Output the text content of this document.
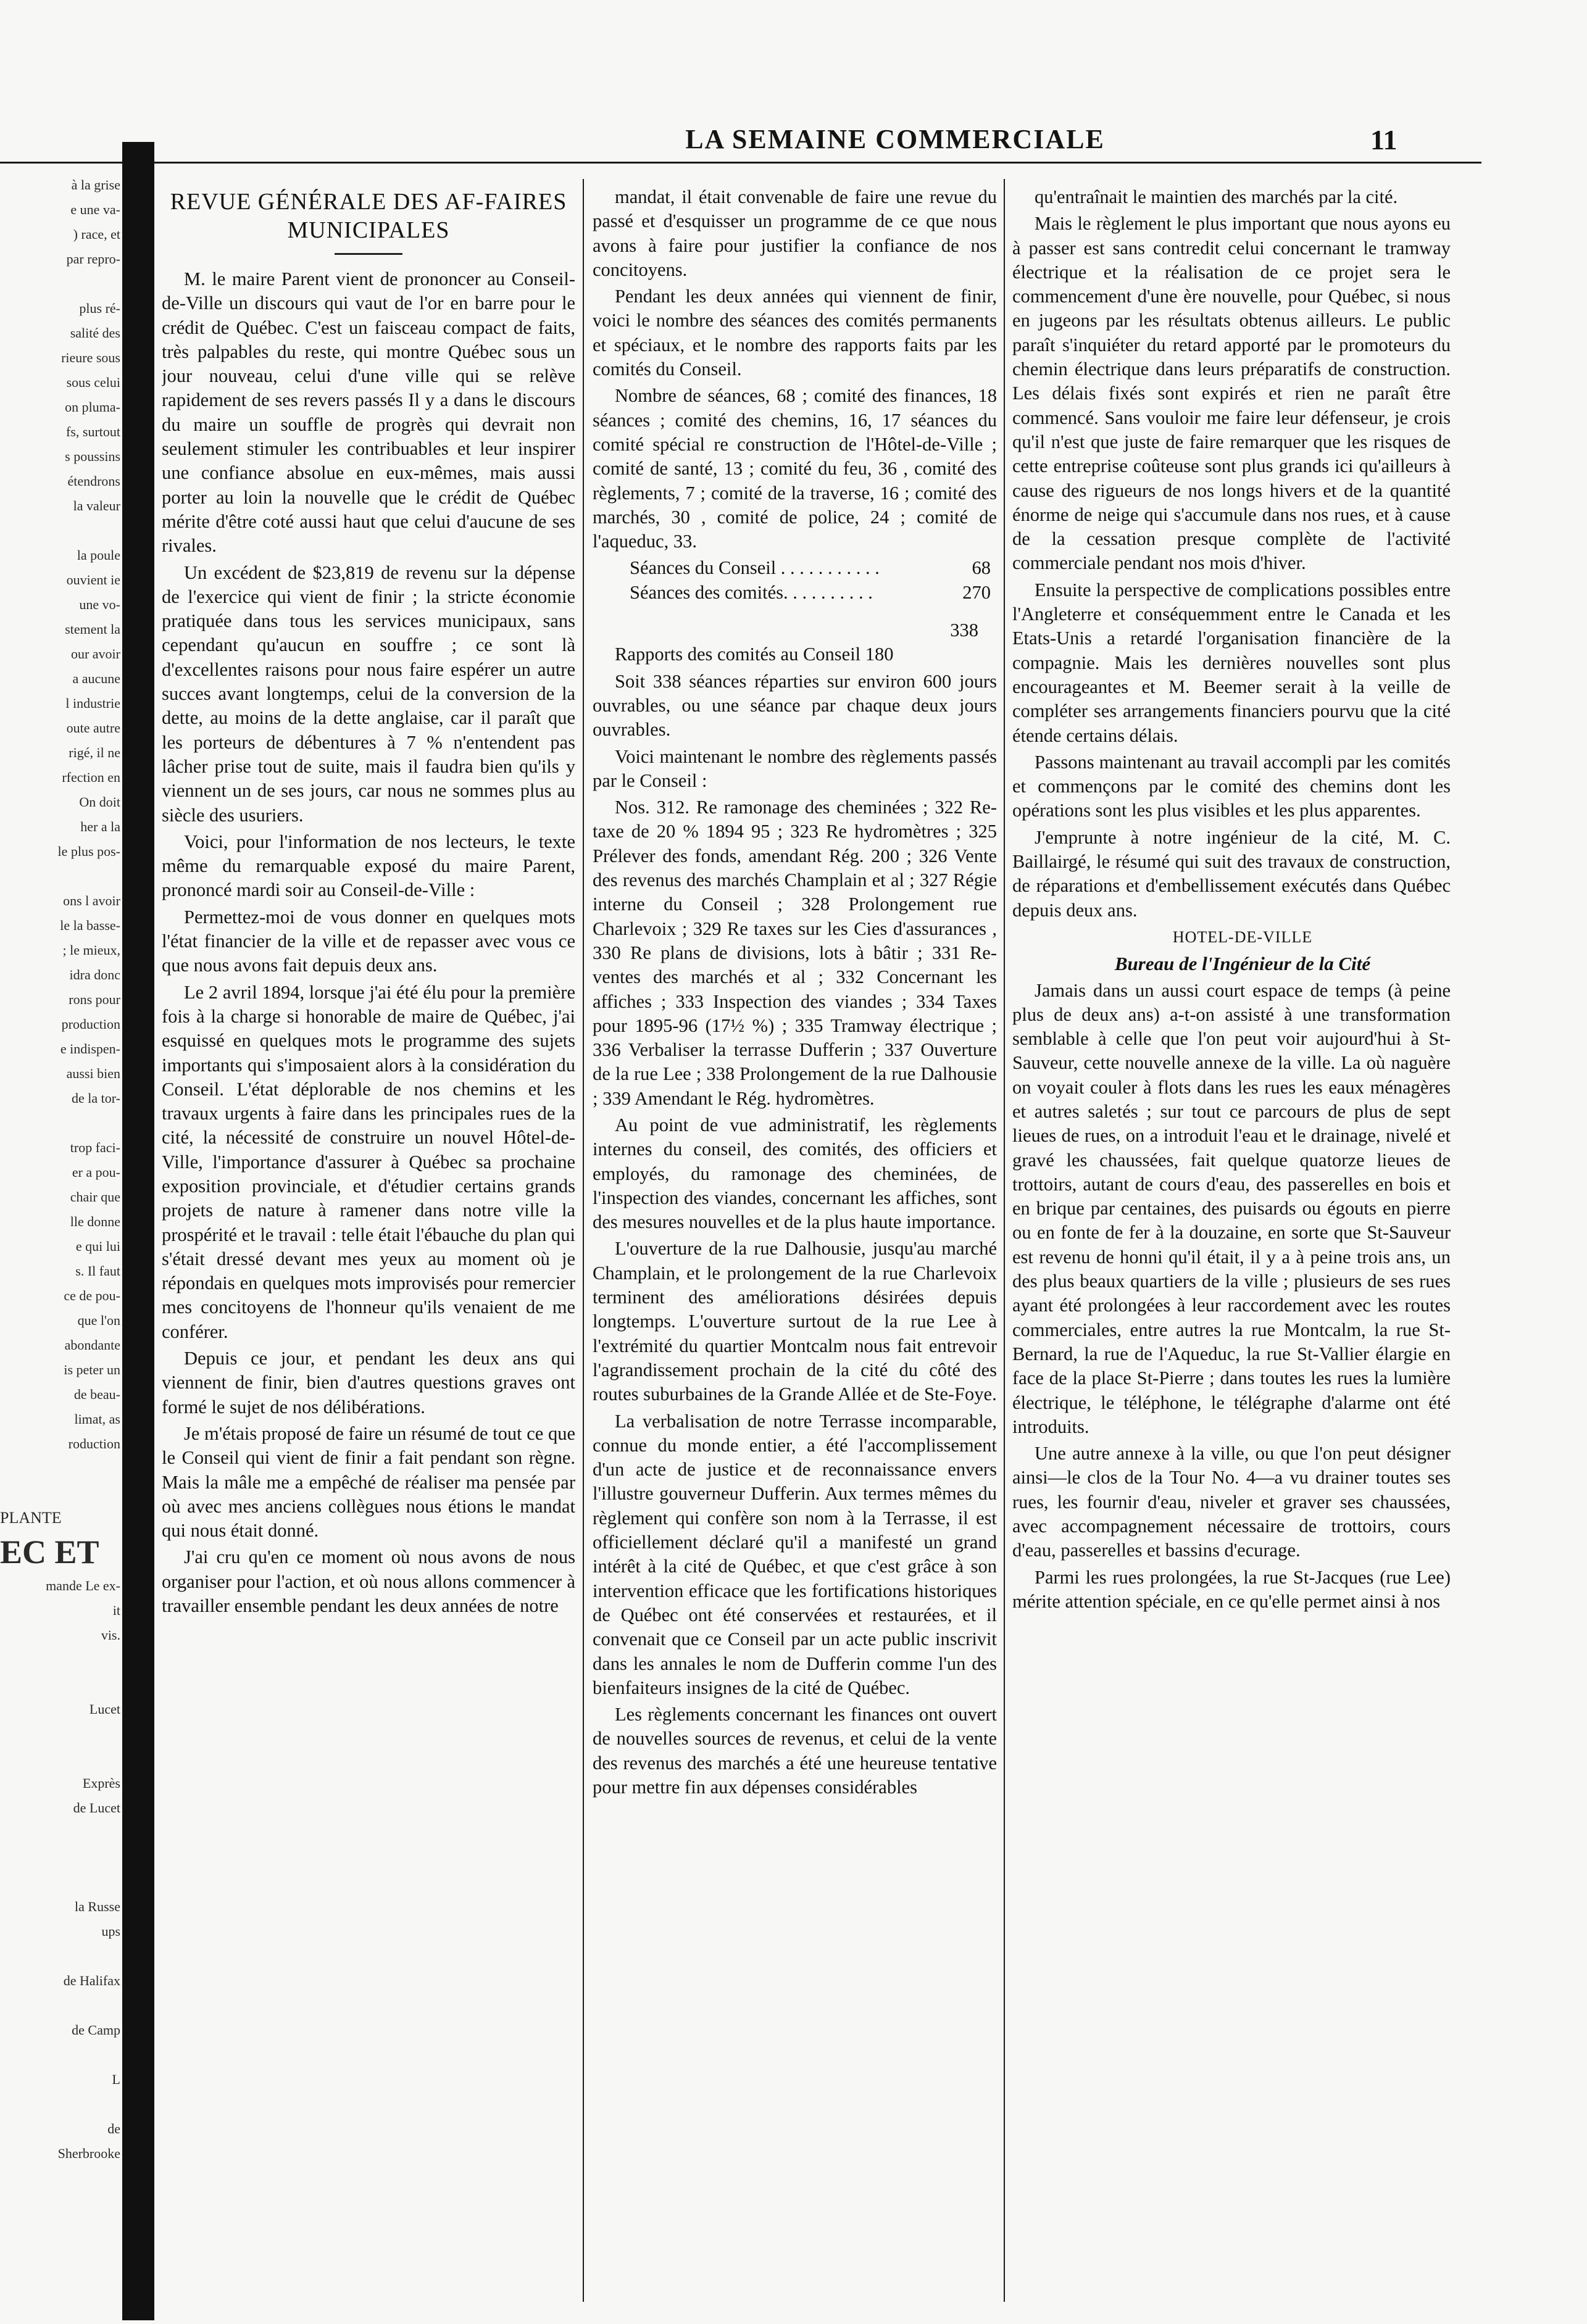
LA SEMAINE COMMERCIALE	11
à la grise
e une va-
) race, et
par repro-

plus ré-
salité des
rieure sous
sous celui
on pluma-
fs, surtout
s poussins
étendrons
la valeur

la poule
ouvient ie
une vo-
stement la
our avoir
a aucune
l industrie
oute autre
rigé, il ne
rfection en
On doit
her a la
le plus pos-

ons l avoir
le la basse-
; le mieux,
idra donc
rons pour
production
e indispen-
aussi bien
de la tor-

trop faci-
er a pou-
chair que
lle donne
e qui lui
s. Il faut
ce de pou-
que l'on
abondante
is peter un
de beau-
limat, as
roduction
PLANTE
EC ET
mande Le ex-
it
vis.

Lucet

Exprès
de Lucet

la Russe
ups

de Halifax

de Camp

L

de
Sherbrooke
REVUE GÉNÉRALE DES AF-FAIRES MUNICIPALES

M. le maire Parent vient de prononcer au Conseil-de-Ville un discours qui vaut de l'or en barre pour le crédit de Québec. C'est un faisceau compact de faits, très palpables du reste, qui montre Québec sous un jour nouveau, celui d'une ville qui se relève rapidement de ses revers passés Il y a dans le discours du maire un souffle de progrès qui devrait non seulement stimuler les contribuables et leur inspirer une confiance absolue en eux-mêmes, mais aussi porter au loin la nouvelle que le crédit de Québec mérite d'être coté aussi haut que celui d'aucune de ses rivales.

Un excédent de $23,819 de revenu sur la dépense de l'exercice qui vient de finir ; la stricte économie pratiquée dans tous les services municipaux, sans cependant qu'aucun en souffre ; ce sont là d'excellentes raisons pour nous faire espérer un autre succes avant longtemps, celui de la conversion de la dette, au moins de la dette anglaise, car il paraît que les porteurs de débentures à 7 % n'entendent pas lâcher prise tout de suite, mais il faudra bien qu'ils y viennent un de ses jours, car nous ne sommes plus au siècle des usuriers.

Voici, pour l'information de nos lecteurs, le texte même du remarquable exposé du maire Parent, prononcé mardi soir au Conseil-de-Ville :

Permettez-moi de vous donner en quelques mots l'état financier de la ville et de repasser avec vous ce que nous avons fait depuis deux ans.

Le 2 avril 1894, lorsque j'ai été élu pour la première fois à la charge si honorable de maire de Québec, j'ai esquissé en quelques mots le programme des sujets importants qui s'imposaient alors à la considération du Conseil. L'état déplorable de nos chemins et les travaux urgents à faire dans les principales rues de la cité, la nécessité de construire un nouvel Hôtel-de-Ville, l'importance d'assurer à Québec sa prochaine exposition provinciale, et d'étudier certains grands projets de nature à ramener dans notre ville la prospérité et le travail : telle était l'ébauche du plan qui s'était dressé devant mes yeux au moment où je répondais en quelques mots improvisés pour remercier mes concitoyens de l'honneur qu'ils venaient de me conférer.

Depuis ce jour, et pendant les deux ans qui viennent de finir, bien d'autres questions graves ont formé le sujet de nos délibérations.

Je m'étais proposé de faire un résumé de tout ce que le Conseil qui vient de finir a fait pendant son règne. Mais la mâle me a empêché de réaliser ma pensée par où avec mes anciens collègues nous étions le mandat qui nous était donné.

J'ai cru qu'en ce moment où nous avons de nous organiser pour l'action, et où nous allons commencer à travailler ensemble pendant les deux années de notre

mandat, il était convenable de faire une revue du passé et d'esquisser un programme de ce que nous avons à faire pour justifier la confiance de nos concitoyens.

Pendant les deux années qui viennent de finir, voici le nombre des séances des comités permanents et spéciaux, et le nombre des rapports faits par les comités du Conseil.

Nombre de séances, 68 ; comité des finances, 18 séances ; comité des chemins, 16, 17 séances du comité spécial re construction de l'Hôtel-de-Ville ; comité de santé, 13 ; comité du feu, 36 , comité des règlements, 7 ; comité de la traverse, 16 ; comité des marchés, 30 , comité de police, 24 ; comité de l'aqueduc, 33.

Séances du Conseil . . . . . . . . . . .	68
Séances des comités. . . . . . . . . .	270
338

Rapports des comités au Conseil 180

Soit 338 séances réparties sur environ 600 jours ouvrables, ou une séance par chaque deux jours ouvrables.

Voici maintenant le nombre des règlements passés par le Conseil :

Nos. 312. Re ramonage des cheminées ; 322 Re-taxe de 20 % 1894 95 ; 323 Re hydromètres ; 325 Prélever des fonds, amendant Rég. 200 ; 326 Vente des revenus des marchés Champlain et al ; 327 Régie interne du Conseil ; 328 Prolongement rue Charlevoix ; 329 Re taxes sur les Cies d'assurances , 330 Re plans de divisions, lots à bâtir ; 331 Re-ventes des marchés et al ; 332 Concernant les affiches ; 333 Inspection des viandes ; 334 Taxes pour 1895-96 (17½ %) ; 335 Tramway électrique ; 336 Verbaliser la terrasse Dufferin ; 337 Ouverture de la rue Lee ; 338 Prolongement de la rue Dalhousie ; 339 Amendant le Rég. hydromètres.

Au point de vue administratif, les règlements internes du conseil, des comités, des officiers et employés, du ramonage des cheminées, de l'inspection des viandes, concernant les affiches, sont des mesures nouvelles et de la plus haute importance.

L'ouverture de la rue Dalhousie, jusqu'au marché Champlain, et le prolongement de la rue Charlevoix terminent des améliorations désirées depuis longtemps. L'ouverture surtout de la rue Lee à l'extrémité du quartier Montcalm nous fait entrevoir l'agrandissement prochain de la cité du côté des routes suburbaines de la Grande Allée et de Ste-Foye.

La verbalisation de notre Terrasse incomparable, connue du monde entier, a été l'accomplissement d'un acte de justice et de reconnaissance envers l'illustre gouverneur Dufferin. Aux termes mêmes du règlement qui confère son nom à la Terrasse, il est officiellement déclaré qu'il a manifesté un grand intérêt à la cité de Québec, et que c'est grâce à son intervention efficace que les fortifications historiques de Québec ont été conservées et restaurées, et il convenait que ce Conseil par un acte public inscrivit dans les annales le nom de Dufferin comme l'un des bienfaiteurs insignes de la cité de Québec.

Les règlements concernant les finances ont ouvert de nouvelles sources de revenus, et celui de la vente des revenus des marchés a été une heureuse tentative pour mettre fin aux dépenses considérables

qu'entraînait le maintien des marchés par la cité.

Mais le règlement le plus important que nous ayons eu à passer est sans contredit celui concernant le tramway électrique et la réalisation de ce projet sera le commencement d'une ère nouvelle, pour Québec, si nous en jugeons par les résultats obtenus ailleurs. Le public paraît s'inquiéter du retard apporté par le promoteurs du chemin électrique dans leurs préparatifs de construction. Les délais fixés sont expirés et rien ne paraît être commencé. Sans vouloir me faire leur défenseur, je crois qu'il n'est que juste de faire remarquer que les risques de cette entreprise coûteuse sont plus grands ici qu'ailleurs à cause des rigueurs de nos longs hivers et de la quantité énorme de neige qui s'accumule dans nos rues, et à cause de la cessation presque complète de l'activité commerciale pendant nos mois d'hiver.

Ensuite la perspective de complications possibles entre l'Angleterre et conséquemment entre le Canada et les Etats-Unis a retardé l'organisation financière de la compagnie. Mais les dernières nouvelles sont plus encourageantes et M. Beemer serait à la veille de compléter ses arrangements financiers pourvu que la cité étende certains délais.

Passons maintenant au travail accompli par les comités et commençons par le comité des chemins dont les opérations sont les plus visibles et les plus apparentes.

J'emprunte à notre ingénieur de la cité, M. C. Baillairgé, le résumé qui suit des travaux de construction, de réparations et d'embellissement exécutés dans Québec depuis deux ans.

HOTEL-DE-VILLE

Bureau de l'Ingénieur de la Cité

Jamais dans un aussi court espace de temps (à peine plus de deux ans) a-t-on assisté à une transformation semblable à celle que l'on peut voir aujourd'hui à St-Sauveur, cette nouvelle annexe de la ville. La où naguère on voyait couler à flots dans les rues les eaux ménagères et autres saletés ; sur tout ce parcours de plus de sept lieues de rues, on a introduit l'eau et le drainage, nivelé et gravé les chaussées, fait quelque quatorze lieues de trottoirs, autant de cours d'eau, des passerelles en bois et en brique par centaines, des puisards ou égouts en pierre ou en fonte de fer à la douzaine, en sorte que St-Sauveur est revenu de honni qu'il était, il y a à peine trois ans, un des plus beaux quartiers de la ville ; plusieurs de ses rues ayant été prolongées à leur raccordement avec les routes commerciales, entre autres la rue Montcalm, la rue St-Bernard, la rue de l'Aqueduc, la rue St-Vallier élargie en face de la place St-Pierre ; dans toutes les rues la lumière électrique, le téléphone, le télégraphe d'alarme ont été introduits.

Une autre annexe à la ville, ou que l'on peut désigner ainsi—le clos de la Tour No. 4—a vu drainer toutes ses rues, les fournir d'eau, niveler et graver ses chaussées, avec accompagnement nécessaire de trottoirs, cours d'eau, passerelles et bassins d'ecurage.

Parmi les rues prolongées, la rue St-Jacques (rue Lee) mérite attention spéciale, en ce qu'elle permet ainsi à nos
